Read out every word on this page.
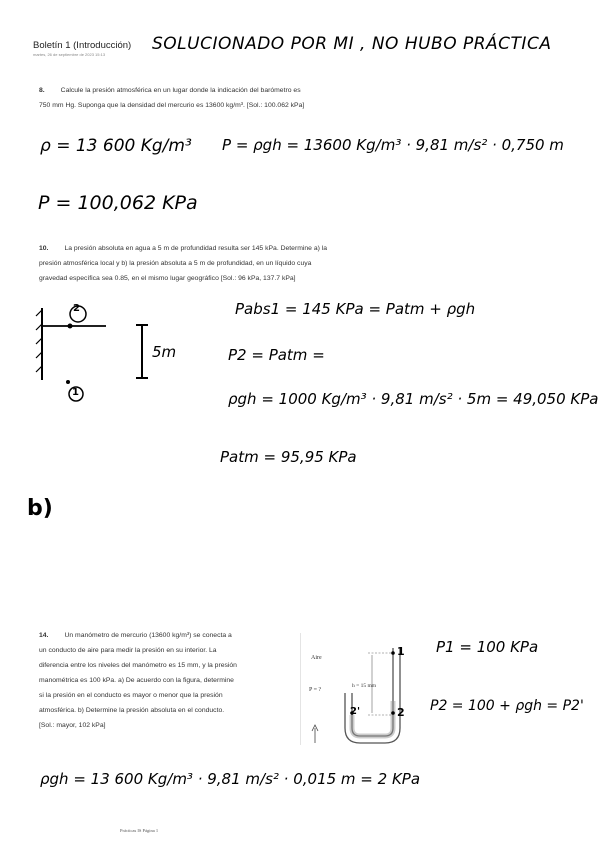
Boletín 1 (Introducción)
martes, 26 de septiembre de 2023 15:13
SOLUCIONADO POR MI , NO HUBO PRÁCTICA
8. Calcule la presión atmosférica en un lugar donde la indicación del barómetro es
750 mm Hg. Suponga que la densidad del mercurio es 13600 kg/m³. [Sol.: 100.062 kPa]
ρ = 13 600 Kg/m³ P = ρgh = 13600 Kg/m³ · 9,81 m/s² · 0,750 m
P = 100,062 KPa
10. La presión absoluta en agua a 5 m de profundidad resulta ser 145 kPa. Determine a) la
presión atmosférica local y b) la presión absoluta a 5 m de profundidad, en un líquido cuya
gravedad específica sea 0.85, en el mismo lugar geográfico [Sol.: 96 kPa, 137.7 kPa]
2
1
5m
Pabs1 = 145 KPa = Patm + ρgh
P2 = Patm =
ρgh = 1000 Kg/m³ · 9,81 m/s² · 5m = 49,050 KPa
Patm = 95,95 KPa
b)
14. Un manómetro de mercurio (13600 kg/m³) se conecta a
un conducto de aire para medir la presión en su interior. La
diferencia entre los niveles del manómetro es 15 mm, y la presión
manométrica es 100 kPa. a) De acuerdo con la figura, determine
si la presión en el conducto es mayor o menor que la presión
atmosférica. b) Determine la presión absoluta en el conducto.
[Sol.: mayor, 102 kPa]
Aire
P = ?
h = 15 mm
1
2
2'
P1 = 100 KPa
P2 = 100 + ρgh = P2'
ρgh = 13 600 Kg/m³ · 9,81 m/s² · 0,015 m = 2 KPa
Prácticas IS Página 1
